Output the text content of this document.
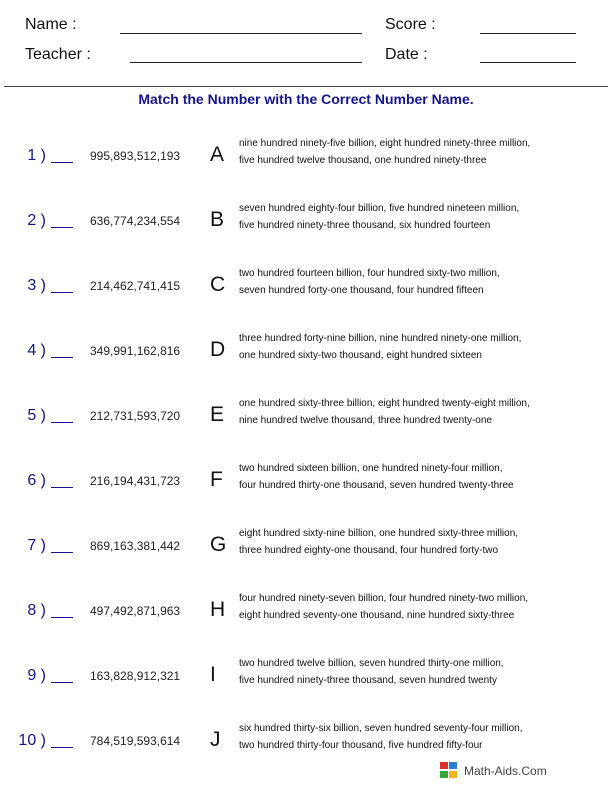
Name :	Score :
Teacher :	Date :
Match the Number with the Correct Number Name.
1 )	995,893,512,193 A nine hundred ninety-five billion, eight hundred ninety-three million,
five hundred twelve thousand, one hundred ninety-three
2 )	636,774,234,554 B seven hundred eighty-four billion, five hundred nineteen million,
five hundred ninety-three thousand, six hundred fourteen
3 )	214,462,741,415 C two hundred fourteen billion, four hundred sixty-two million,
seven hundred forty-one thousand, four hundred fifteen
4 )	349,991,162,816 D three hundred forty-nine billion, nine hundred ninety-one million,
one hundred sixty-two thousand, eight hundred sixteen
5 )	212,731,593,720 E one hundred sixty-three billion, eight hundred twenty-eight million,
nine hundred twelve thousand, three hundred twenty-one
6 )	216,194,431,723 F two hundred sixteen billion, one hundred ninety-four million,
four hundred thirty-one thousand, seven hundred twenty-three
7 )	869,163,381,442 G eight hundred sixty-nine billion, one hundred sixty-three million,
three hundred eighty-one thousand, four hundred forty-two
8 )	497,492,871,963 H four hundred ninety-seven billion, four hundred ninety-two million,
eight hundred seventy-one thousand, nine hundred sixty-three
9 )	163,828,912,321 I two hundred twelve billion, seven hundred thirty-one million,
five hundred ninety-three thousand, seven hundred twenty
10 )	784,519,593,614 J six hundred thirty-six billion, seven hundred seventy-four million,
two hundred thirty-four thousand, five hundred fifty-four
Math-Aids.Com
